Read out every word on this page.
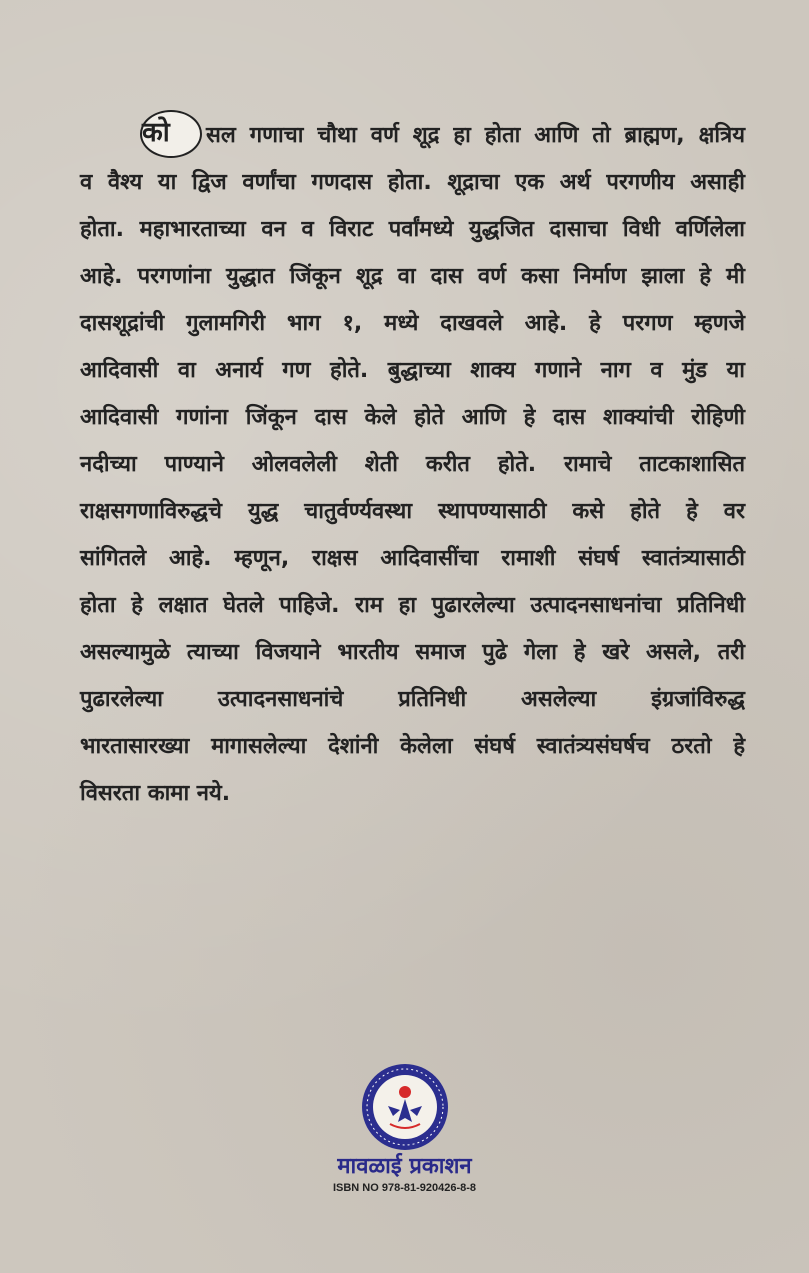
को सल गणाचा चौथा वर्ण शूद्र हा होता आणि तो ब्राह्मण, क्षत्रिय
व वैश्य या द्विज वर्णांचा गणदास होता. शूद्राचा एक अर्थ परगणीय असाही
होता. महाभारताच्या वन व विराट पर्वांमध्ये युद्धजित दासाचा विधी वर्णिलेला
आहे. परगणांना युद्धात जिंकून शूद्र वा दास वर्ण कसा निर्माण झाला हे मी
दासशूद्रांची गुलामगिरी भाग १, मध्ये दाखवले आहे. हे परगण म्हणजे
आदिवासी वा अनार्य गण होते. बुद्धाच्या शाक्य गणाने नाग व मुंड या
आदिवासी गणांना जिंकून दास केले होते आणि हे दास शाक्यांची रोहिणी
नदीच्या पाण्याने ओलवलेली शेती करीत होते. रामाचे ताटकाशासित
राक्षसगणाविरुद्धचे युद्ध चातुर्वर्ण्यवस्था स्थापण्यासाठी कसे होते हे वर
सांगितले आहे. म्हणून, राक्षस आदिवासींचा रामाशी संघर्ष स्वातंत्र्यासाठी
होता हे लक्षात घेतले पाहिजे. राम हा पुढारलेल्या उत्पादनसाधनांचा प्रतिनिधी
असल्यामुळे त्याच्या विजयाने भारतीय समाज पुढे गेला हे खरे असले, तरी
पुढारलेल्या उत्पादनसाधनांचे प्रतिनिधी असलेल्या इंग्रजांविरुद्ध
भारतासारख्या मागासलेल्या देशांनी केलेला संघर्ष स्वातंत्र्यसंघर्षच ठरतो हे
विसरता कामा नये.
मावळाई प्रकाशन
ISBN NO 978-81-920426-8-8
